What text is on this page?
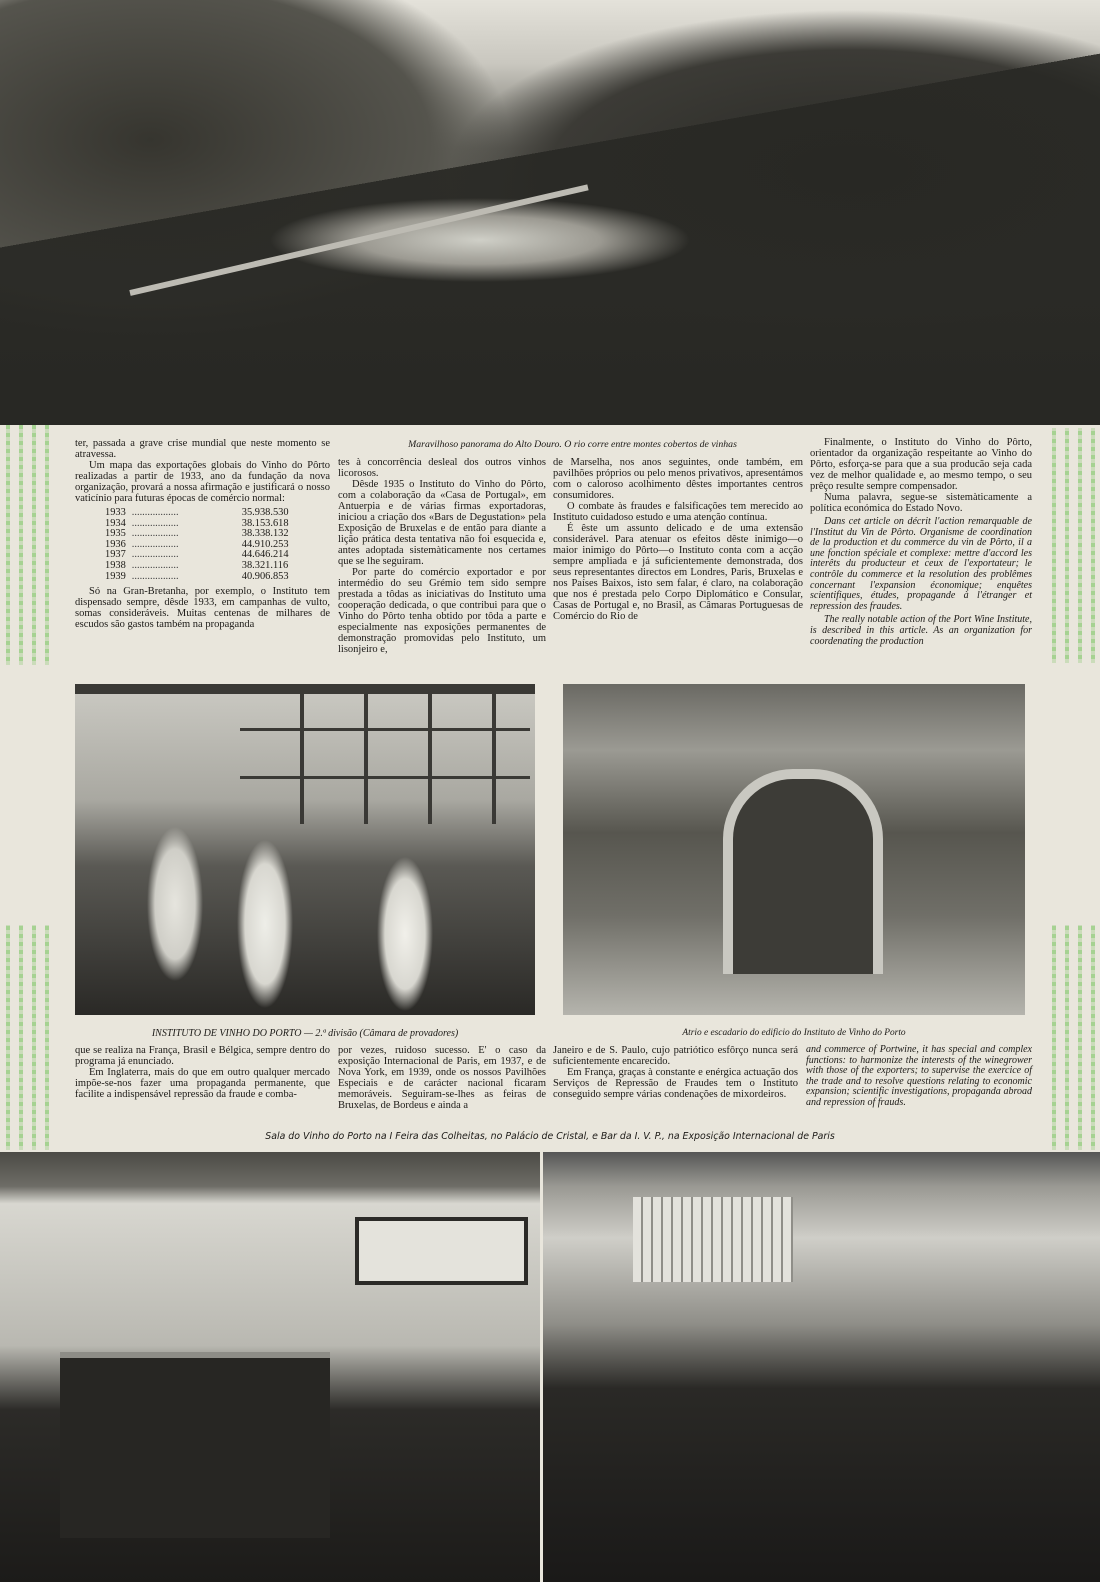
Maravilhoso panorama do Alto Douro. O rio corre entre montes cobertos de vinhas

ter, passada a grave crise mundial que neste momento se atravessa.

Um mapa das exportações globais do Vinho do Pôrto realizadas a partir de 1933, ano da fundação da nova organização, provará a nossa afirmação e justificará o nosso vaticínio para futuras épocas de comércio normal:

1933	..................	35.938.530
1934	..................	38.153.618
1935	..................	38.338.132
1936	..................	44.910.253
1937	..................	44.646.214
1938	..................	38.321.116
1939	..................	40.906.853

Só na Gran-Bretanha, por exemplo, o Instituto tem dispensado sempre, dêsde 1933, em campanhas de vulto, somas consideráveis. Muitas centenas de milhares de escudos são gastos também na propaganda

tes à concorrência desleal dos outros vinhos licorosos.

Dêsde 1935 o Instituto do Vinho do Pôrto, com a colaboração da «Casa de Portugal», em Antuerpia e de várias firmas exportadoras, iniciou a criação dos «Bars de Degustation» pela Exposição de Bruxelas e de então para diante a lição prática desta tentativa não foi esquecida e, antes adoptada sistemàticamente nos certames que se lhe seguiram.

Por parte do comércio exportador e por intermédio do seu Grémio tem sido sempre prestada a tôdas as iniciativas do Instituto uma cooperação dedicada, o que contribui para que o Vinho do Pôrto tenha obtido por tôda a parte e especialmente nas exposições permanentes de demonstração promovidas pelo Instituto, um lisonjeiro e,

de Marselha, nos anos seguintes, onde também, em pavilhões próprios ou pelo menos privativos, apresentámos com o caloroso acolhimento dêstes importantes centros consumidores.

O combate às fraudes e falsificações tem merecido ao Instituto cuidadoso estudo e uma atenção contínua.

É êste um assunto delicado e de uma extensão considerável. Para atenuar os efeitos dêste inimigo—o maior inimigo do Pôrto—o Instituto conta com a acção sempre ampliada e já suficientemente demonstrada, dos seus representantes directos em Londres, Paris, Bruxelas e nos Países Baixos, isto sem falar, é claro, na colaboração que nos é prestada pelo Corpo Diplomático e Consular, Casas de Portugal e, no Brasil, as Câmaras Portuguesas de Comércio do Rio de

Finalmente, o Instituto do Vinho do Pôrto, orientador da organização respeitante ao Vinho do Pôrto, esforça-se para que a sua producão seja cada vez de melhor qualidade e, ao mesmo tempo, o seu prêço resulte sempre compensador.

Numa palavra, segue-se sistemàticamente a política económica do Estado Novo.

Dans cet article on décrit l'action remarquable de l'Institut du Vin de Pôrto. Organisme de coordination de la production et du commerce du vin de Pôrto, il a une fonction spéciale et complexe: mettre d'accord les interêts du producteur et ceux de l'exportateur; le contrôle du commerce et la resolution des problêmes concernant l'expansion économique; enquêtes scientifiques, études, propagande à l'étranger et repression des fraudes.

The really notable action of the Port Wine Institute, is described in this article. As an organization for coordenating the production

INSTITUTO DE VINHO DO PORTO — 2.ª divisão (Câmara de provadores)	Atrio e escadario do edificio do Instituto de Vinho do Porto

que se realiza na França, Brasil e Bélgica, sempre dentro do programa já enunciado.

Em Inglaterra, mais do que em outro qualquer mercado impõe-se-nos fazer uma propaganda permanente, que facilite a indispensável repressão da fraude e comba-

por vezes, ruidoso sucesso. E' o caso da exposição Internacional de Paris, em 1937, e de Nova York, em 1939, onde os nossos Pavilhões Especiais e de carácter nacional ficaram memoráveis. Seguiram-se-lhes as feiras de Bruxelas, de Bordeus e ainda a

Janeiro e de S. Paulo, cujo patriótico esfôrço nunca será suficientemente encarecido.

Em França, graças à constante e enérgica actuação dos Serviços de Repressão de Fraudes tem o Instituto conseguido sempre várias condenações de mixordeiros.

and commerce of Portwine, it has special and complex functions: to harmonize the interests of the winegrower with those of the exporters; to supervise the exercice of the trade and to resolve questions relating to economic expansion; scientific investigations, propaganda abroad and repression of frauds.

Sala do Vinho do Porto na I Feira das Colheitas, no Palácio de Cristal, e Bar da I. V. P., na Exposição Internacional de Paris
